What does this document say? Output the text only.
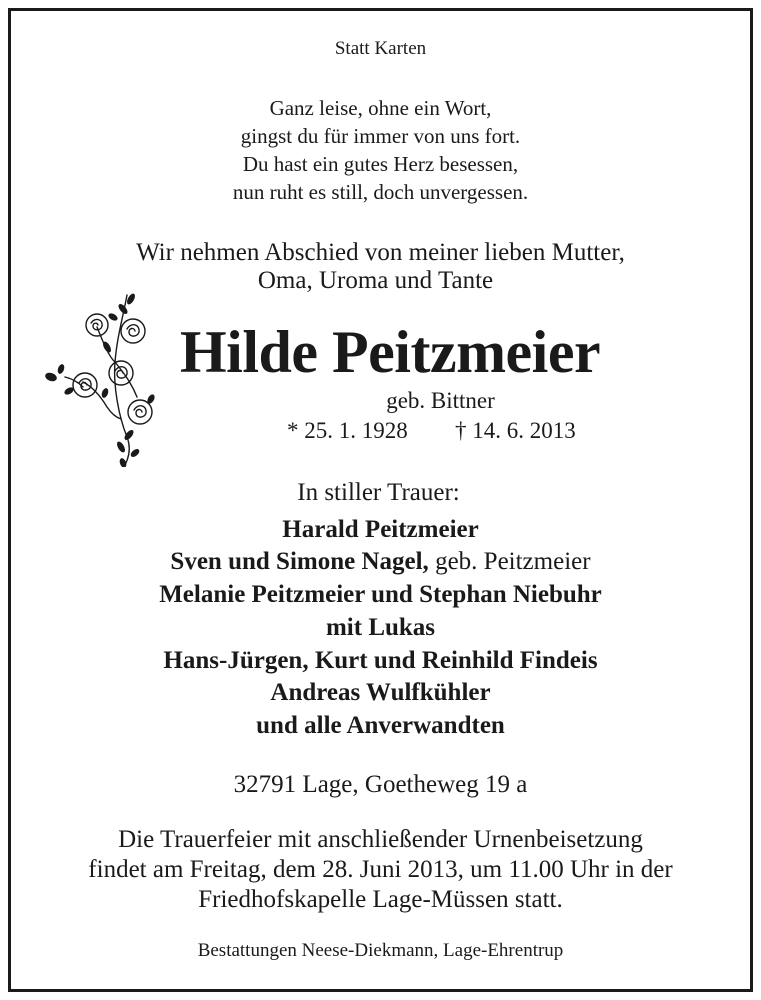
Statt Karten
Ganz leise, ohne ein Wort,
gingst du für immer von uns fort.
Du hast ein gutes Herz besessen,
nun ruht es still, doch unvergessen.
Wir nehmen Abschied von meiner lieben Mutter,
Oma, Uroma und Tante
Hilde Peitzmeier
geb. Bittner
* 25. 1. 1928 † 14. 6. 2013
In stiller Trauer:
Harald Peitzmeier
Sven und Simone Nagel, geb. Peitzmeier
Melanie Peitzmeier und Stephan Niebuhr
mit Lukas
Hans-Jürgen, Kurt und Reinhild Findeis
Andreas Wulfkühler
und alle Anverwandten
32791 Lage, Goetheweg 19 a
Die Trauerfeier mit anschließender Urnenbeisetzung
findet am Freitag, dem 28. Juni 2013, um 11.00 Uhr in der
Friedhofskapelle Lage-Müssen statt.
Bestattungen Neese-Diekmann, Lage-Ehrentrup
